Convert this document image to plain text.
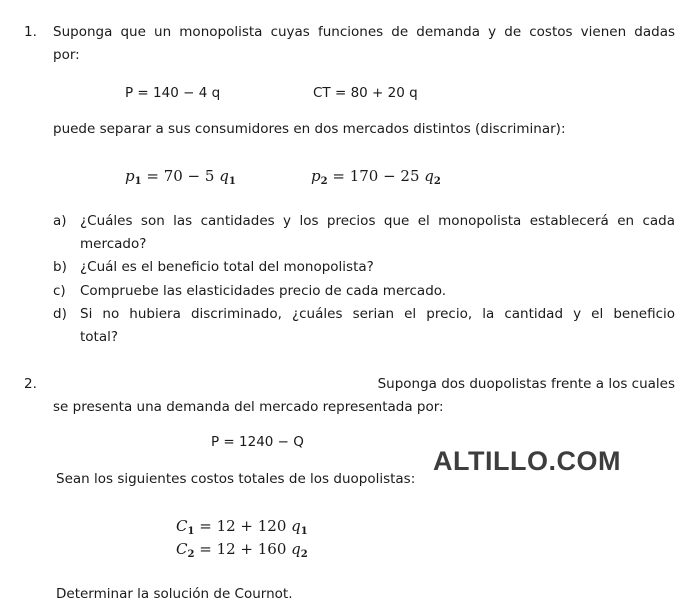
1. Suponga que un monopolista cuyas funciones de demanda y de costos vienen dadas
por:
P = 140 − 4 q	CT = 80 + 20 q
puede separar a sus consumidores en dos mercados distintos (discriminar):
$p_1 = 70 - 5$ $q_1$	$p_2 = 170 - 25$ $q_2$
a) ¿Cuáles son las cantidades y los precios que el monopolista establecerá en cada
mercado?
b) ¿Cuál es el beneficio total del monopolista?
c) Compruebe las elasticidades precio de cada mercado.
d) Si no hubiera discriminado, ¿cuáles serian el precio, la cantidad y el beneficio
total?
2.	Suponga dos duopolistas frente a los cuales
se presenta una demanda del mercado representada por:
P = 1240 − Q
ALTILLO.COM
Sean los siguientes costos totales de los duopolistas:
$C_1 = 12 + 120$ $q_1$
$C_2 = 12 + 160$ $q_2$
Determinar la solución de Cournot.
